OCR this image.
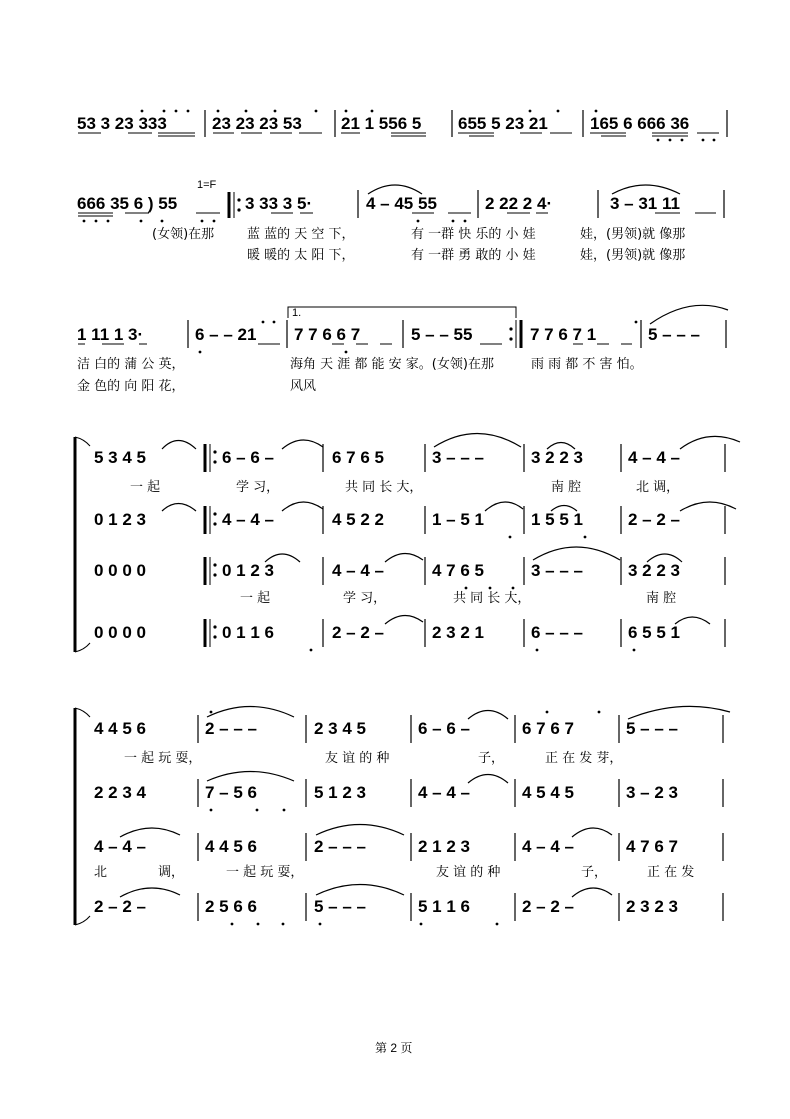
53 3 23 333	23 23 23 53 21 1 556 5 655 5 23 21 165 6 666 36
1=F
666 35 6 ) 55	3 33 3 5·	4 – 45 55	2 22 2 4·	3 – 31 11
(女领)在那	蓝 蓝的 天 空 下，	有 一群 快 乐的 小 娃	娃，(男领)就 像那
暖 暖的 太 阳 下，	有 一群 勇 敢的 小 娃	娃，(男领)就 像那
1.
1 11 1 3·	6 – – 21 7 7 6 6 7	5 – – 55	7 7 6 7 1	5 – – –
洁 白的 蒲 公 英，	海角 天 涯 都 能 安 家。(女领)在那	雨 雨 都 不 害 怕。
金 色的 向 阳 花，	风风
5 3 4 5	6 – 6 –	6 7 6 5	3 – – –	3 2 2 3	4 – 4 –
一 起	学 习，	共 同 长 大，	南 腔	北 调，
0 1 2 3	4 – 4 –	4 5 2 2	1 – 5 1	1 5 5 1	2 – 2 –
0 0 0 0	0 1 2 3	4 – 4 –	4 7 6 5	3 – – –	3 2 2 3
一 起	学 习，	共 同 长 大，	南 腔
0 0 0 0	0 1 1 6	2 – 2 –	2 3 2 1	6 – – –	6 5 5 1
4 4 5 6	2 – – –	2 3 4 5	6 – 6 –	6 7 6 7	5 – – –
一 起 玩 耍，	友 谊 的 种	子，	正 在 发 芽，
2 2 3 4	7 – 5 6	5 1 2 3	4 – 4 –	4 5 4 5	3 – 2 3
4 – 4 –	4 4 5 6	2 – – –	2 1 2 3	4 – 4 –	4 7 6 7
北	调，	一 起 玩 耍，	友 谊 的 种	子，	正 在 发
2 – 2 –	2 5 6 6	5 – – –	5 1 1 6	2 – 2 –	2 3 2 3
第 2 页
